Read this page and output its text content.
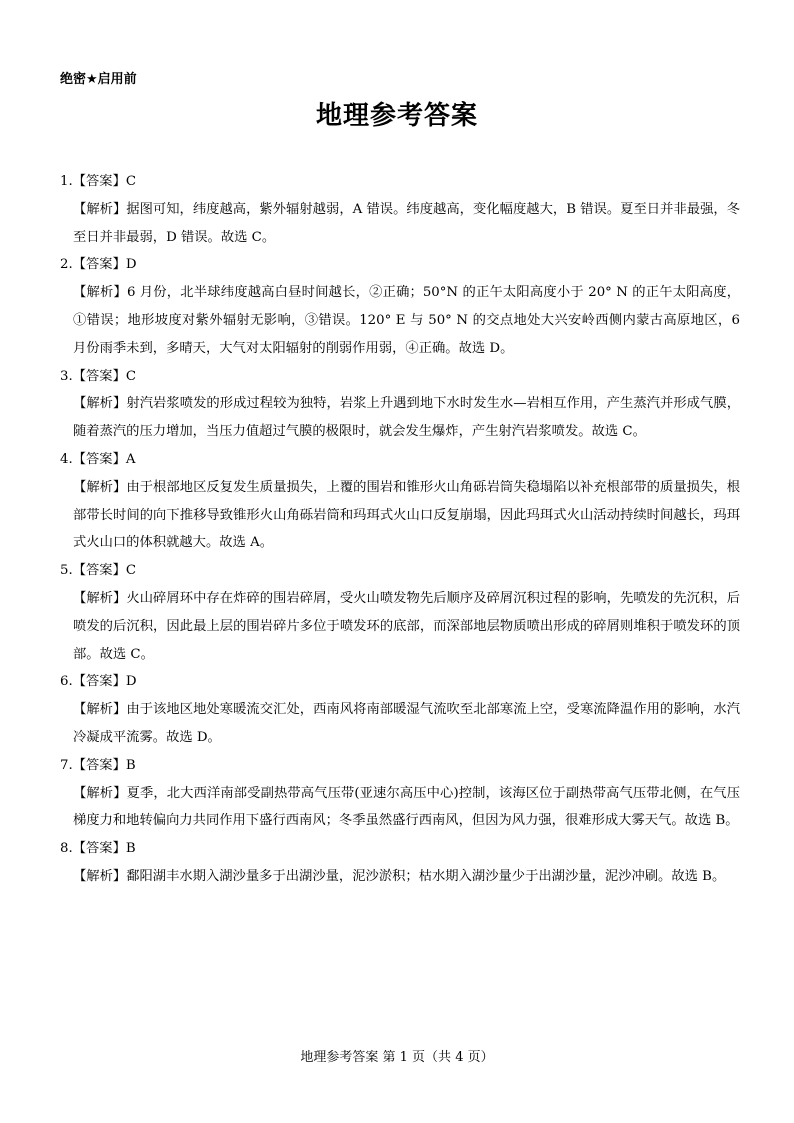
绝密★启用前
地理参考答案

1.【答案】C

【解析】据图可知，纬度越高，紫外辐射越弱，A 错误。纬度越高，变化幅度越大，B 错误。夏至日并非最强，冬至日并非最弱，D 错误。故选 C。

2.【答案】D

【解析】6 月份，北半球纬度越高白昼时间越长，②正确；50°N 的正午太阳高度小于 20° N 的正午太阳高度，①错误；地形坡度对紫外辐射无影响，③错误。120° E 与 50° N 的交点地处大兴安岭西侧内蒙古高原地区，6 月份雨季未到，多晴天，大气对太阳辐射的削弱作用弱，④正确。故选 D。

3.【答案】C

【解析】射汽岩浆喷发的形成过程较为独特，岩浆上升遇到地下水时发生水—岩相互作用，产生蒸汽并形成气膜，随着蒸汽的压力增加，当压力值超过气膜的极限时，就会发生爆炸，产生射汽岩浆喷发。故选 C。

4.【答案】A

【解析】由于根部地区反复发生质量损失，上覆的围岩和锥形火山角砾岩筒失稳塌陷以补充根部带的质量损失，根部带长时间的向下推移导致锥形火山角砾岩筒和玛珥式火山口反复崩塌，因此玛珥式火山活动持续时间越长，玛珥式火山口的体积就越大。故选 A。

5.【答案】C

【解析】火山碎屑环中存在炸碎的围岩碎屑，受火山喷发物先后顺序及碎屑沉积过程的影响，先喷发的先沉积，后喷发的后沉积，因此最上层的围岩碎片多位于喷发环的底部，而深部地层物质喷出形成的碎屑则堆积于喷发环的顶部。故选 C。

6.【答案】D

【解析】由于该地区地处寒暖流交汇处，西南风将南部暖湿气流吹至北部寒流上空，受寒流降温作用的影响，水汽冷凝成平流雾。故选 D。

7.【答案】B

【解析】夏季，北大西洋南部受副热带高气压带(亚速尔高压中心)控制，该海区位于副热带高气压带北侧，在气压梯度力和地转偏向力共同作用下盛行西南风；冬季虽然盛行西南风，但因为风力强，很难形成大雾天气。故选 B。

8.【答案】B

【解析】鄱阳湖丰水期入湖沙量多于出湖沙量，泥沙淤积；枯水期入湖沙量少于出湖沙量，泥沙冲刷。故选 B。

地理参考答案 第 1 页（共 4 页）
